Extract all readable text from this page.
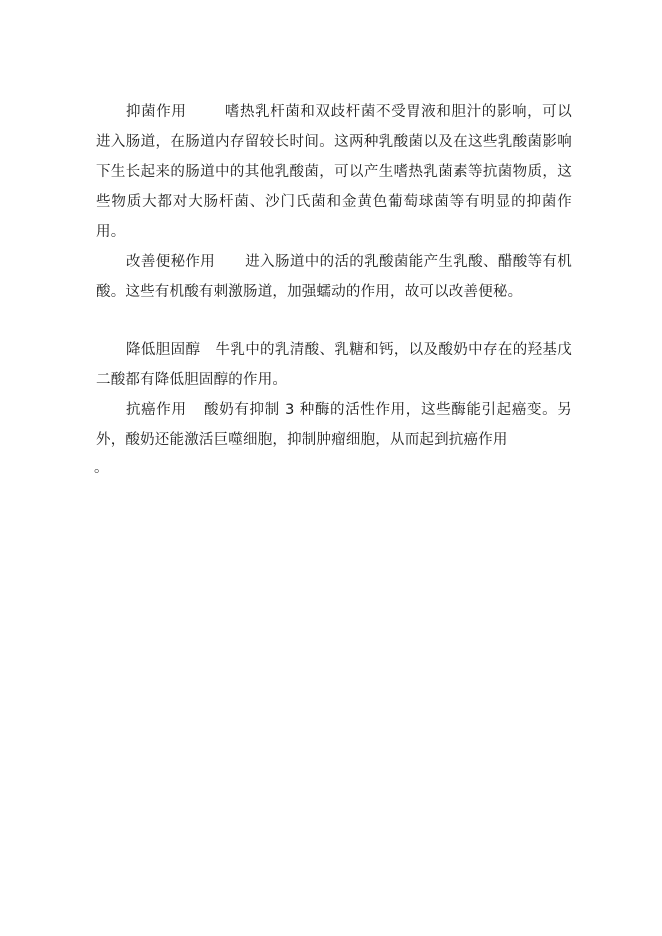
抑菌作用	嗜热乳杆菌和双歧杆菌不受胃液和胆汁的影响，可以进入肠道，在肠道内存留较长时间。这两种乳酸菌以及在这些乳酸菌影响下生长起来的肠道中的其他乳酸菌，可以产生嗜热乳菌素等抗菌物质，这些物质大都对大肠杆菌、沙门氏菌和金黄色葡萄球菌等有明显的抑菌作用。

改善便秘作用 进入肠道中的活的乳酸菌能产生乳酸、醋酸等有机酸。这些有机酸有刺激肠道，加强蠕动的作用，故可以改善便秘。

降低胆固醇 牛乳中的乳清酸、乳糖和钙，以及酸奶中存在的羟基戊二酸都有降低胆固醇的作用。

抗癌作用 酸奶有抑制 3 种酶的活性作用，这些酶能引起癌变。另外，酸奶还能激活巨噬细胞，抑制肿瘤细胞，从而起到抗癌作用
。
